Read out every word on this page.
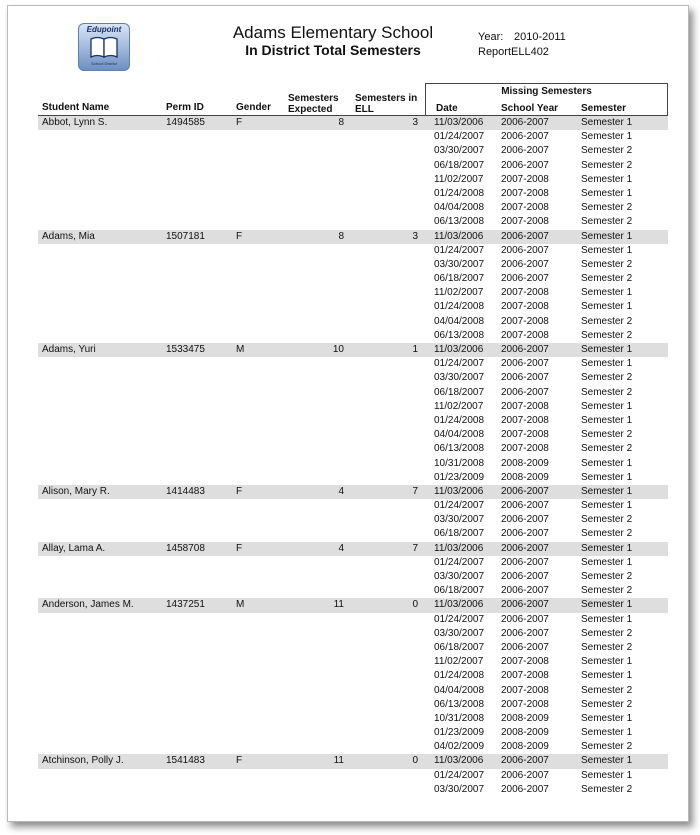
Edupoint
School District
Adams Elementary School
In District Total Semesters
Year: 2010-2011
Report:
ELL402
Student Name	Perm ID	Gender
Semesters
Expected
Semesters in
ELL
Missing Semesters
Date	School Year Semester
Abbot, Lynn S.	1494585	F	8	3 11/03/2006 2006-2007	Semester 1
01/24/2007 2006-2007	Semester 1
03/30/2007 2006-2007	Semester 2
06/18/2007 2006-2007	Semester 2
11/02/2007 2007-2008	Semester 1
01/24/2008 2007-2008	Semester 1
04/04/2008 2007-2008	Semester 2
06/13/2008 2007-2008	Semester 2
Adams, Mia	1507181	F	8	3 11/03/2006 2006-2007	Semester 1
01/24/2007 2006-2007	Semester 1
03/30/2007 2006-2007	Semester 2
06/18/2007 2006-2007	Semester 2
11/02/2007 2007-2008	Semester 1
01/24/2008 2007-2008	Semester 1
04/04/2008 2007-2008	Semester 2
06/13/2008 2007-2008	Semester 2
Adams, Yuri	1533475	M	10	1 11/03/2006 2006-2007	Semester 1
01/24/2007 2006-2007	Semester 1
03/30/2007 2006-2007	Semester 2
06/18/2007 2006-2007	Semester 2
11/02/2007 2007-2008	Semester 1
01/24/2008 2007-2008	Semester 1
04/04/2008 2007-2008	Semester 2
06/13/2008 2007-2008	Semester 2
10/31/2008 2008-2009	Semester 1
01/23/2009 2008-2009	Semester 1
Alison, Mary R.	1414483	F	4	7 11/03/2006 2006-2007	Semester 1
01/24/2007 2006-2007	Semester 1
03/30/2007 2006-2007	Semester 2
06/18/2007 2006-2007	Semester 2
Allay, Lama A.	1458708	F	4	7 11/03/2006 2006-2007	Semester 1
01/24/2007 2006-2007	Semester 1
03/30/2007 2006-2007	Semester 2
06/18/2007 2006-2007	Semester 2
Anderson, James M.	1437251	M	11	0 11/03/2006 2006-2007	Semester 1
01/24/2007 2006-2007	Semester 1
03/30/2007 2006-2007	Semester 2
06/18/2007 2006-2007	Semester 2
11/02/2007 2007-2008	Semester 1
01/24/2008 2007-2008	Semester 1
04/04/2008 2007-2008	Semester 2
06/13/2008 2007-2008	Semester 2
10/31/2008 2008-2009	Semester 1
01/23/2009 2008-2009	Semester 1
04/02/2009 2008-2009	Semester 2
Atchinson, Polly J.	1541483	F	11	0 11/03/2006 2006-2007	Semester 1
01/24/2007 2006-2007	Semester 1
03/30/2007 2006-2007	Semester 2
